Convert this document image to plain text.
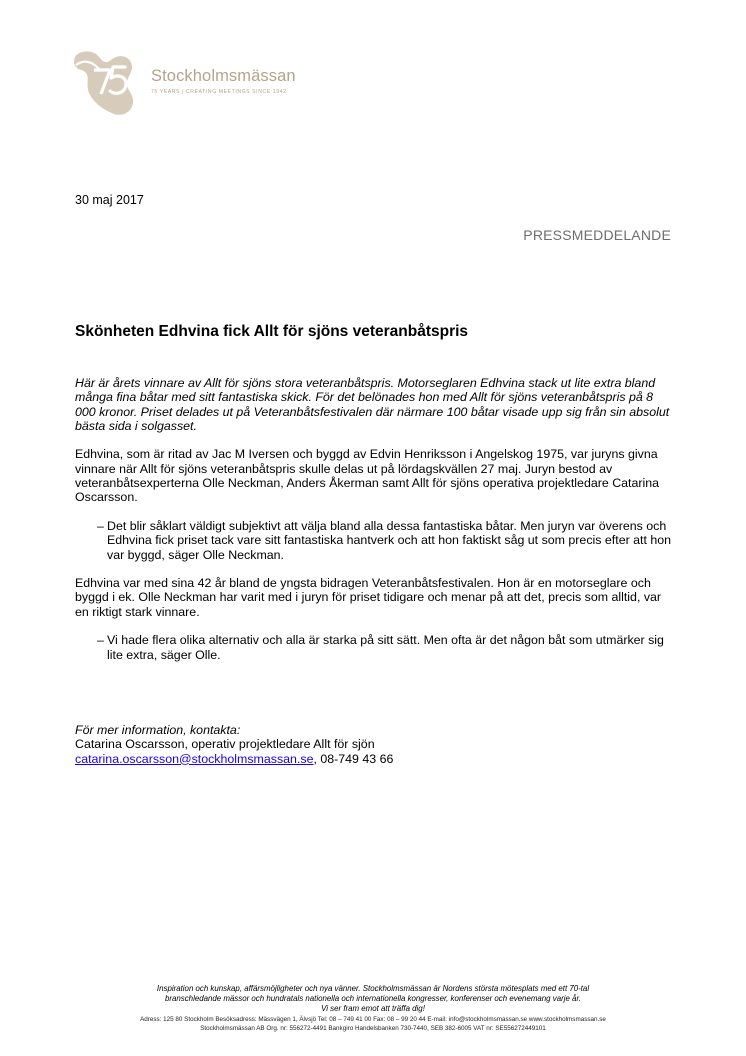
Stockholmsmässan
75 YEARS | CREATING MEETINGS SINCE 1942
30 maj 2017
PRESSMEDDELANDE
Skönheten Edhvina fick Allt för sjöns veteranbåtspris

Här är årets vinnare av Allt för sjöns stora veteranbåtspris. Motorseglaren Edhvina stack ut lite extra bland många fina båtar med sitt fantastiska skick. För det belönades hon med Allt för sjöns veteranbåtspris på 8 000 kronor. Priset delades ut på Veteranbåtsfestivalen där närmare 100 båtar visade upp sig från sin absolut bästa sida i solgasset.

Edhvina, som är ritad av Jac M Iversen och byggd av Edvin Henriksson i Angelskog 1975, var juryns givna vinnare när Allt för sjöns veteranbåtspris skulle delas ut på lördagskvällen 27 maj. Juryn bestod av veteranbåtsexperterna Olle Neckman, Anders Åkerman samt Allt för sjöns operativa projektledare Catarina Oscarsson.

– Det blir såklart väldigt subjektivt att välja bland alla dessa fantastiska båtar. Men juryn var överens och Edhvina fick priset tack vare sitt fantastiska hantverk och att hon faktiskt såg ut som precis efter att hon var byggd, säger Olle Neckman.

Edhvina var med sina 42 år bland de yngsta bidragen Veteranbåtsfestivalen. Hon är en motorseglare och byggd i ek. Olle Neckman har varit med i juryn för priset tidigare och menar på att det, precis som alltid, var en riktigt stark vinnare.

– Vi hade flera olika alternativ och alla är starka på sitt sätt. Men ofta är det någon båt som utmärker sig lite extra, säger Olle.

För mer information, kontakta:
Catarina Oscarsson, operativ projektledare Allt för sjön
catarina.oscarsson@stockholmsmassan.se, 08-749 43 66
Inspiration och kunskap, affärsmöjligheter och nya vänner. Stockholmsmässan är Nordens största mötesplats med ett 70-tal
branschledande mässor och hundratals nationella och internationella kongresser, konferenser och evenemang varje år.
Vi ser fram emot att träffa dig!
Adress: 125 80 Stockholm Besöksadress: Mässvägen 1, Älvsjö Tel: 08 – 749 41 00 Fax: 08 – 99 20 44 E-mail: info@stockholmsmassan.se www.stockholmsmassan.se
Stockholmsmässan AB Org. nr: 556272-4491 Bankgiro Handelsbanken 730-7440, SEB 382-6005 VAT nr: SE556272449101
